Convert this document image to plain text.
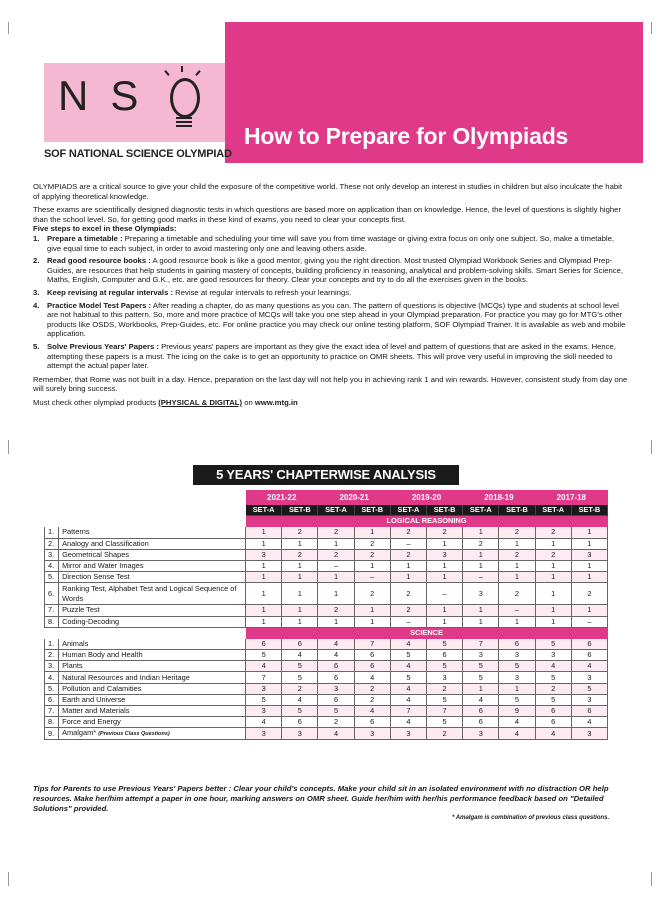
N S
SOF NATIONAL SCIENCE OLYMPIAD
How to Prepare for Olympiads

OLYMPIADS are a critical source to give your child the exposure of the competitive world. These not only develop an interest in studies in children but also inculcate the habit of applying theoretical knowledge.

These exams are scientifically designed diagnostic tests in which questions are based more on application than on knowledge. Hence, the level of questions is slightly higher than the school level. So, for getting good marks in these kind of exams, you need to clear your concepts first.
Five steps to excel in these Olympiads:

1. Prepare a timetable : Preparing a timetable and scheduling your time will save you from time wastage or giving extra focus on only one subject. So, make a timetable, give equal time to each subject, in order to avoid mastering only one and leaving others aside.
2. Read good resource books : A good resource book is like a good mentor, giving you the right direction. Most trusted Olympiad Workbook Series and Olympiad Prep-Guides, are resources that help students in gaining mastery of concepts, building proficiency in reasoning, analytical and problem-solving skills. Smart Series for Science, Maths, English, Computer and G.K., etc. are good resources for theory. Clear your concepts and try to do all the exercises given in the books.
3. Keep revising at regular intervals : Revise at regular intervals to refresh your learnings.
4. Practice Model Test Papers : After reading a chapter, do as many questions as you can. The pattern of questions is objective (MCQs) type and students at school level are not habitual to this pattern. So, more and more practice of MCQs will take you one step ahead in your Olympiad preparation. For practice you may go for MTG's other products like OSDS, Workbooks, Prep-Guides, etc. For online practice you may check our online testing platform, SOF Olympiad Trainer. It is available as web and mobile application.
5. Solve Previous Years' Papers : Previous years' papers are important as they give the exact idea of level and pattern of questions that are asked in the exams. Hence, attempting these papers is a must. The icing on the cake is to get an opportunity to practice on OMR sheets. This will prove very useful in improving the skill needed to attempt the actual paper later.

Remember, that Rome was not built in a day. Hence, preparation on the last day will not help you in achieving rank 1 and win rewards. However, consistent study from day one will surely bring success.

Must check other olympiad products (PHYSICAL & DIGITAL) on www.mtg.in

5 YEARS' CHAPTERWISE ANALYSIS
		2021-22		2020-21		2019-20		2018-19		2017-18	
		SET-A	SET-B	SET-A	SET-B	SET-A	SET-B	SET-A	SET-B	SET-A	SET-B
		LOGICAL REASONING									
1.	Patterns	1	2	2	1	2	2	1	2	2	1
2.	Analogy and Classification	1	1	1	2	–	1	2	1	1	1
3.	Geometrical Shapes	3	2	2	2	2	3	1	2	2	3
4.	Mirror and Water Images	1	1	–	1	1	1	1	1	1	1
5.	Direction Sense Test	1	1	1	–	1	1	–	1	1	1
6.	Ranking Test, Alphabet Test and Logical Sequence of Words	1	1	1	2	2	–	3	2	1	2
7.	Puzzle Test	1	1	2	1	2	1	1	–	1	1
8.	Coding-Decoding	1	1	1	1	–	1	1	1	1	–
		SCIENCE									
1.	Animals	6	6	4	7	4	5	7	6	5	6
2.	Human Body and Health	5	4	4	6	5	6	3	3	3	6
3.	Plants	4	5	6	6	4	5	5	5	4	4
4.	Natural Resources and Indian Heritage	7	5	6	4	5	3	5	3	5	3
5.	Pollution and Calamities	3	2	3	2	4	2	1	1	2	5
6.	Earth and Universe	5	4	6	2	4	5	4	5	5	3
7.	Matter and Materials	3	5	5	4	7	7	6	9	6	6
8.	Force and Energy	4	6	2	6	4	5	6	4	6	4
9.	Amalgam* (Previous Class Questions)	3	3	4	3	3	2	3	4	4	3
Tips for Parents to use Previous Years' Papers better : Clear your child's concepts. Make your child sit in an isolated environment with no distraction OR help resources. Make her/him attempt a paper in one hour, marking answers on OMR sheet. Guide her/him with her/his performance feedback based on "Detailed Solutions" provided.
* Amalgam is combination of previous class questions.
